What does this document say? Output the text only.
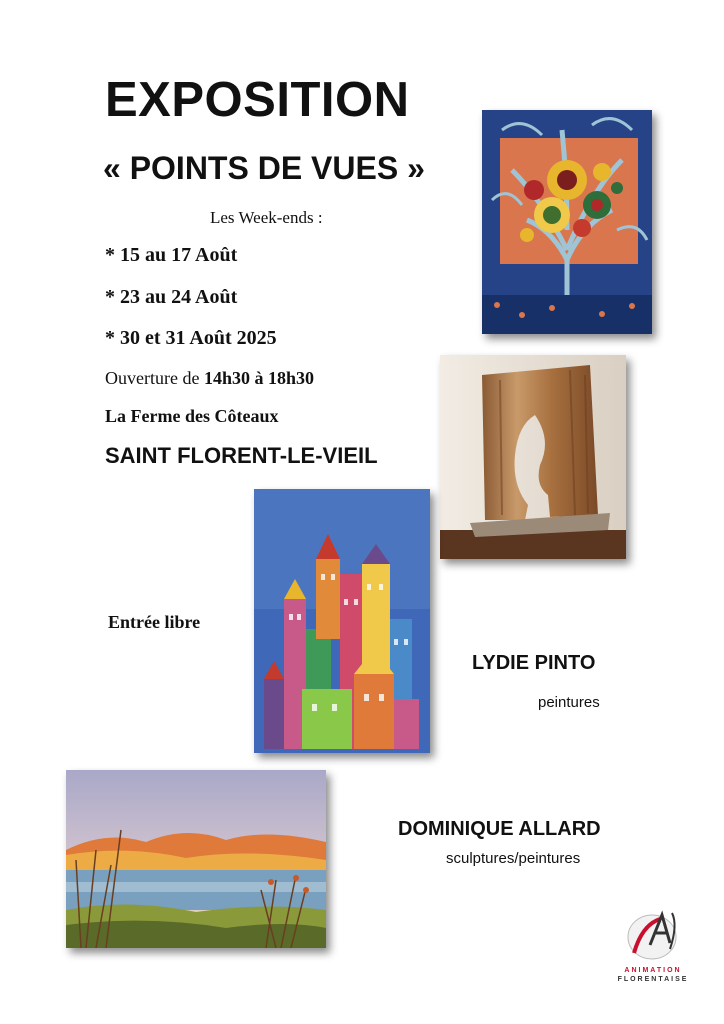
EXPOSITION
« POINTS DE VUES »
Les Week-ends :
* 15 au 17 Août
* 23 au 24 Août
* 30 et 31 Août 2025
Ouverture de 14h30 à 18h30
La Ferme des Côteaux
SAINT FLORENT-LE-VIEIL
Entrée libre
LYDIE PINTO
peintures
DOMINIQUE ALLARD
sculptures/peintures
ANIMATION
FLORENTAISE
